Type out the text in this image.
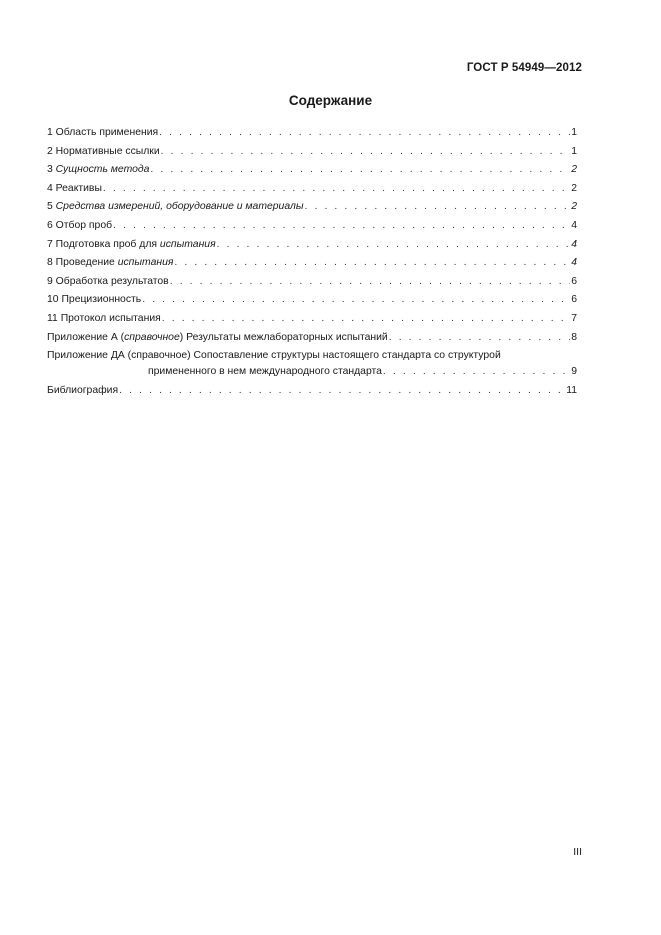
ГОСТ Р 54949—2012
Содержание
1 Область применения . . .	1
2 Нормативные ссылки . . .	1
3 Сущность метода . . .	2
4 Реактивы . . .	2
5 Средства измерений, оборудование и материалы . . .	2
6 Отбор проб . . .	4
7 Подготовка проб для испытания . . .	4
8 Проведение испытания . . .	4
9 Обработка результатов . . .	6
10 Прецизионность . . .	6
11 Протокол испытания . . .	7
Приложение А (справочное) Результаты межлабораторных испытаний . . .	8
Приложение ДА (справочное) Сопоставление структуры настоящего стандарта со структурой
примененного в нем международного стандарта . . .	9
Библиография . . .	11
III
